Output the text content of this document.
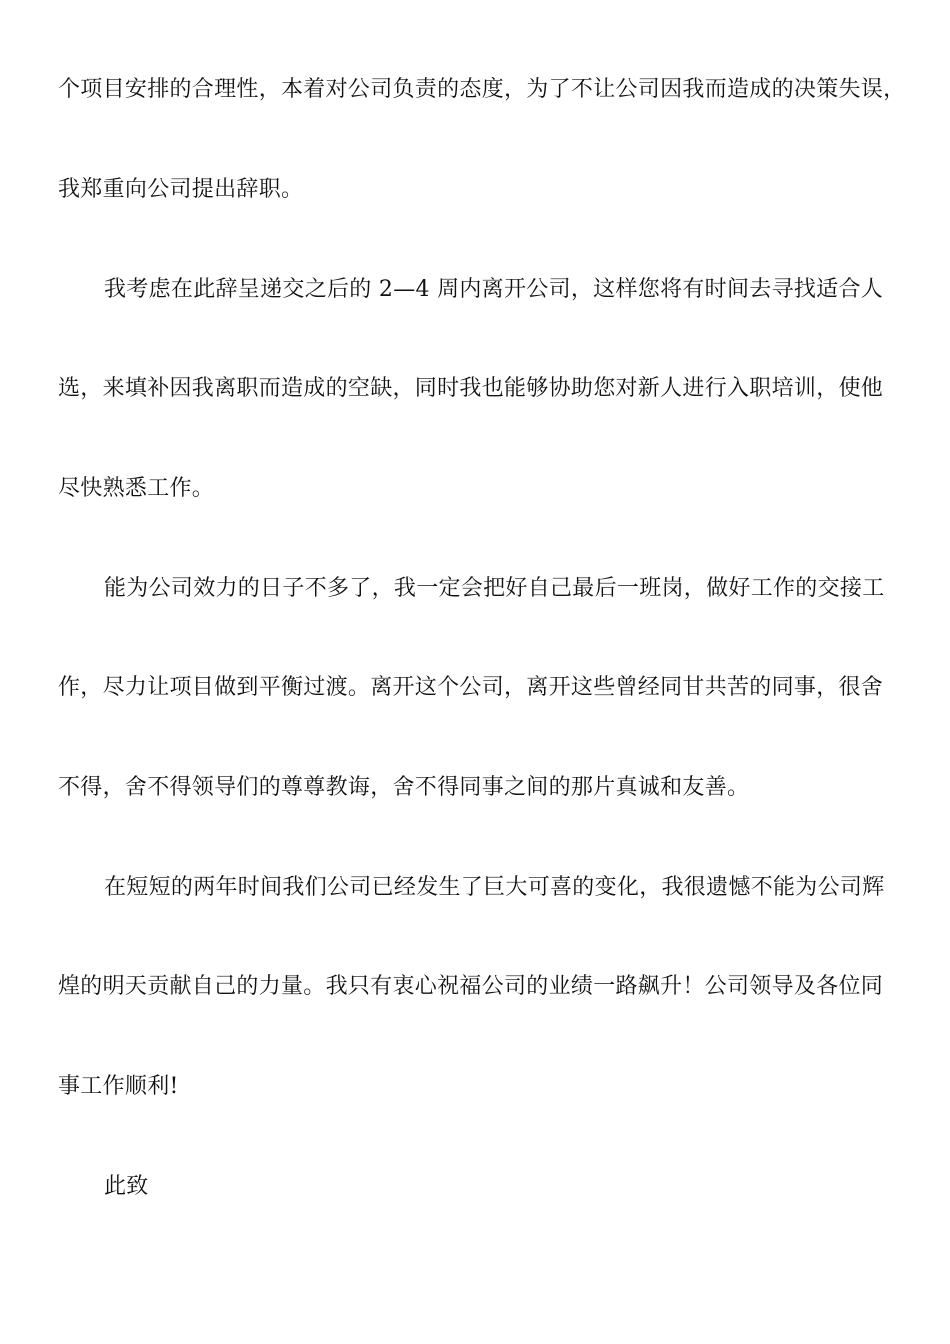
个项目安排的合理性，本着对公司负责的态度，为了不让公司因我而造成的决策失误，
我郑重向公司提出辞职。
我考虑在此辞呈递交之后的 2—4 周内离开公司，这样您将有时间去寻找适合人
选，来填补因我离职而造成的空缺，同时我也能够协助您对新人进行入职培训，使他
尽快熟悉工作。
能为公司效力的日子不多了，我一定会把好自己最后一班岗，做好工作的交接工
作，尽力让项目做到平衡过渡。离开这个公司，离开这些曾经同甘共苦的同事，很舍
不得，舍不得领导们的尊尊教诲，舍不得同事之间的那片真诚和友善。
在短短的两年时间我们公司已经发生了巨大可喜的变化，我很遗憾不能为公司辉
煌的明天贡献自己的力量。我只有衷心祝福公司的业绩一路飙升！公司领导及各位同
事工作顺利!
此致
